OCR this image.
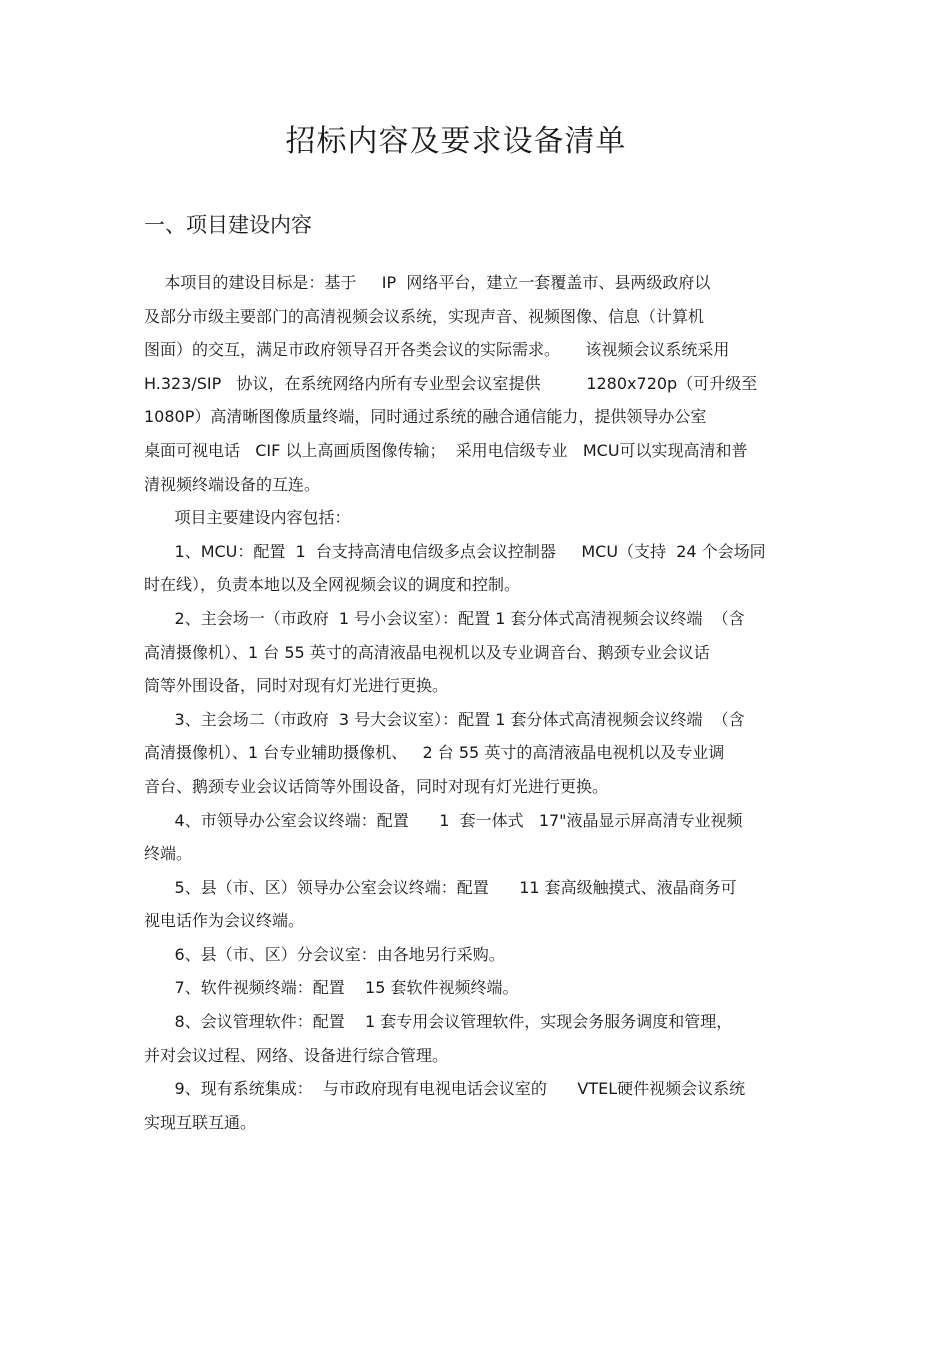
招标内容及要求设备清单
一、项目建设内容
本项目的建设目标是：基于     IP  网络平台，建立一套覆盖市、县两级政府以
及部分市级主要部门的高清视频会议系统，实现声音、视频图像、信息（计算机
图面）的交互，满足市政府领导召开各类会议的实际需求。     该视频会议系统采用
H.323/SIP   协议，在系统网络内所有专业型会议室提供         1280x720p（可升级至
1080P）高清晰图像质量终端，同时通过系统的融合通信能力，提供领导办公室
桌面可视电话   CIF 以上高画质图像传输；  采用电信级专业   MCU可以实现高清和普
清视频终端设备的互连。
项目主要建设内容包括：
1、MCU：配置  1  台支持高清电信级多点会议控制器     MCU（支持  24 个会场同
时在线），负责本地以及全网视频会议的调度和控制。
2、主会场一（市政府  1 号小会议室）：配置 1 套分体式高清视频会议终端  （含
高清摄像机）、1 台 55 英寸的高清液晶电视机以及专业调音台、鹅颈专业会议话
筒等外围设备，同时对现有灯光进行更换。
3、主会场二（市政府  3 号大会议室）：配置 1 套分体式高清视频会议终端  （含
高清摄像机）、1 台专业辅助摄像机、   2 台 55 英寸的高清液晶电视机以及专业调
音台、鹅颈专业会议话筒等外围设备，同时对现有灯光进行更换。
4、市领导办公室会议终端：配置      1  套一体式   17"液晶显示屏高清专业视频
终端。
5、县（市、区）领导办公室会议终端：配置      11 套高级触摸式、液晶商务可
视电话作为会议终端。
6、县（市、区）分会议室：由各地另行采购。
7、软件视频终端：配置    15 套软件视频终端。
8、会议管理软件：配置    1 套专用会议管理软件，实现会务服务调度和管理，
并对会议过程、网络、设备进行综合管理。
9、现有系统集成：  与市政府现有电视电话会议室的      VTEL硬件视频会议系统
实现互联互通。
